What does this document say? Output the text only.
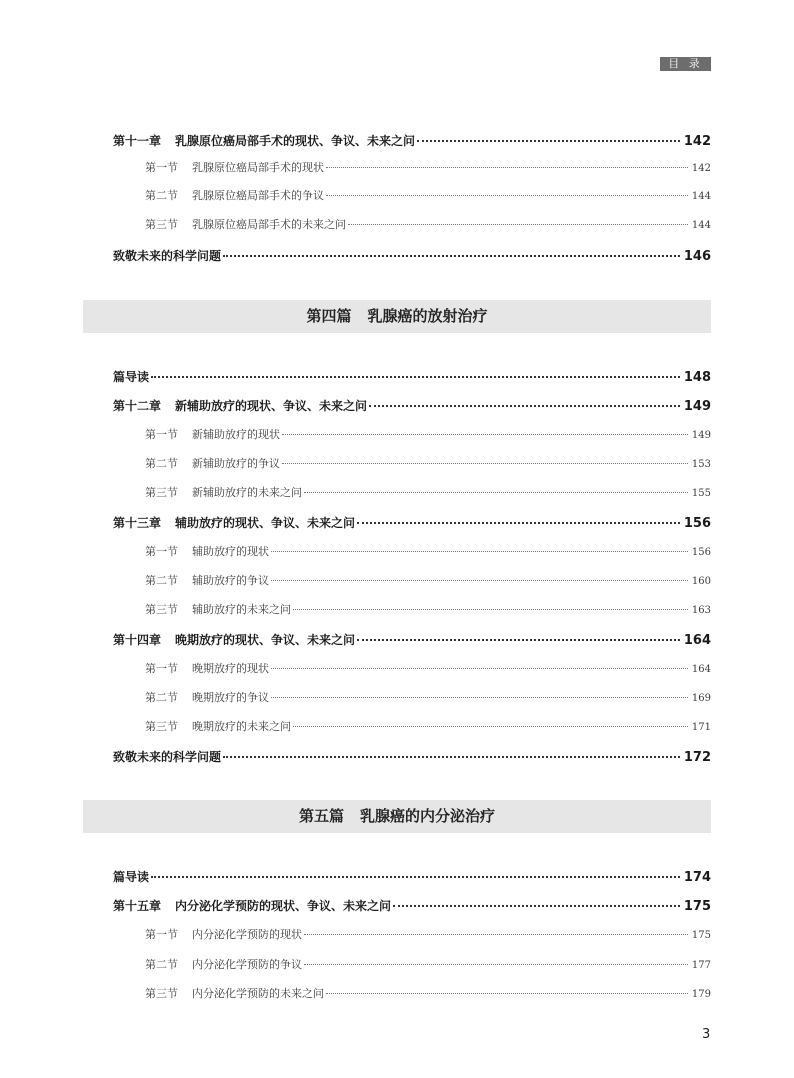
目 录
第四篇 乳腺癌的放射治疗
第五篇 乳腺癌的内分泌治疗
第十一章 乳腺原位癌局部手术的现状、争议、未来之问	142
第一节 乳腺原位癌局部手术的现状	142
第二节 乳腺原位癌局部手术的争议	144
第三节 乳腺原位癌局部手术的未来之问	144
致敬未来的科学问题	146
篇导读	148
第十二章 新辅助放疗的现状、争议、未来之问	149
第一节 新辅助放疗的现状	149
第二节 新辅助放疗的争议	153
第三节 新辅助放疗的未来之问	155
第十三章 辅助放疗的现状、争议、未来之问	156
第一节 辅助放疗的现状	156
第二节 辅助放疗的争议	160
第三节 辅助放疗的未来之问	163
第十四章 晚期放疗的现状、争议、未来之问	164
第一节 晚期放疗的现状	164
第二节 晚期放疗的争议	169
第三节 晚期放疗的未来之问	171
致敬未来的科学问题	172
篇导读	174
第十五章 内分泌化学预防的现状、争议、未来之问	175
第一节 内分泌化学预防的现状	175
第二节 内分泌化学预防的争议	177
第三节 内分泌化学预防的未来之问	179
3
